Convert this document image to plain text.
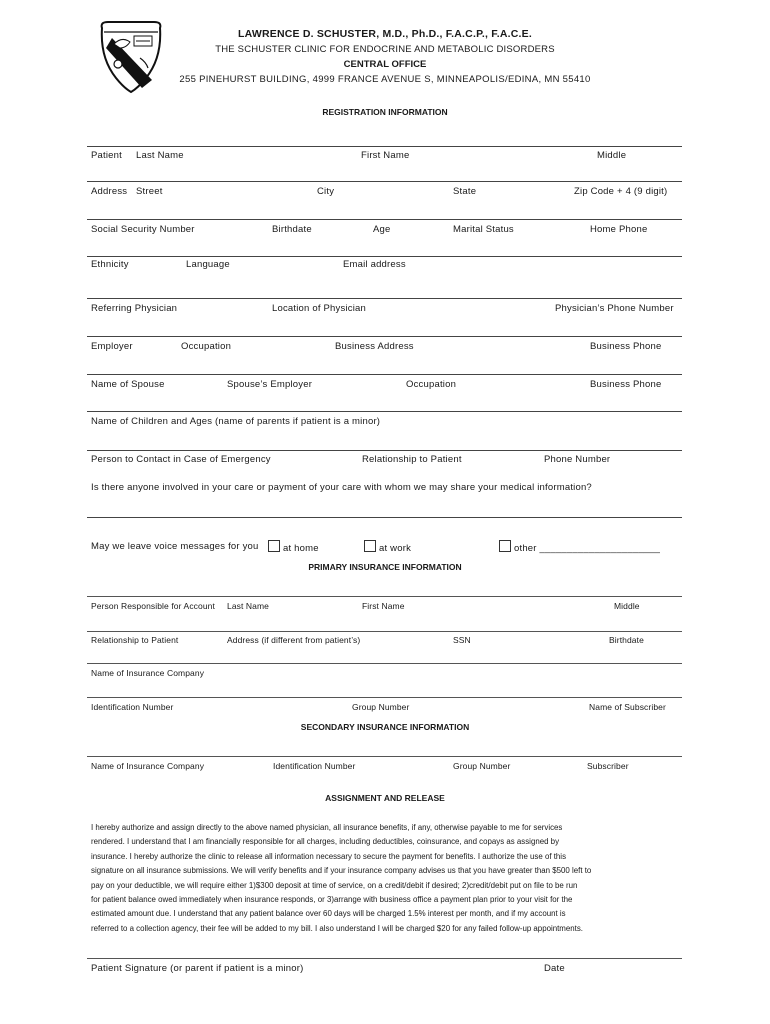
LAWRENCE D. SCHUSTER, M.D., Ph.D., F.A.C.P., F.A.C.E.
THE SCHUSTER CLINIC FOR ENDOCRINE AND METABOLIC DISORDERS
CENTRAL OFFICE
255 PINEHURST BUILDING, 4999 FRANCE AVENUE S, MINNEAPOLIS/EDINA, MN 55410
REGISTRATION INFORMATION
Patient Last Name	First Name	Middle
Address Street	City	State	Zip Code + 4 (9 digit)
Social Security Number	Birthdate	Age	Marital Status	Home Phone
Ethnicity	Language	Email address
Referring Physician	Location of Physician	Physician’s Phone Number
Employer	Occupation	Business Address	Business Phone
Name of Spouse	Spouse’s Employer	Occupation	Business Phone
Name of Children and Ages (name of parents if patient is a minor)
Person to Contact in Case of Emergency	Relationship to Patient	Phone Number
Is there anyone involved in your care or payment of your care with whom we may share your medical information?
May we leave voice messages for you	at home	at work	other ______________________
PRIMARY INSURANCE INFORMATION
Person Responsible for Account Last Name	First Name	Middle
Relationship to Patient	Address (if different from patient’s)	SSN	Birthdate
Name of Insurance Company
Identification Number	Group Number	Name of Subscriber
SECONDARY INSURANCE INFORMATION
Name of Insurance Company	Identification Number	Group Number	Subscriber
ASSIGNMENT AND RELEASE
I hereby authorize and assign directly to the above named physician, all insurance benefits, if any, otherwise payable to me for services
rendered. I understand that I am financially responsible for all charges, including deductibles, coinsurance, and copays as assigned by
insurance. I hereby authorize the clinic to release all information necessary to secure the payment for benefits. I authorize the use of this
signature on all insurance submissions. We will verify benefits and if your insurance company advises us that you have greater than $500 left to
pay on your deductible, we will require either 1)$300 deposit at time of service, on a credit/debit if desired; 2)credit/debit put on file to be run
for patient balance owed immediately when insurance responds, or 3)arrange with business office a payment plan prior to your visit for the
estimated amount due. I understand that any patient balance over 60 days will be charged 1.5% interest per month, and if my account is
referred to a collection agency, their fee will be added to my bill. I also understand I will be charged $20 for any failed follow-up appointments.
Patient Signature (or parent if patient is a minor)	Date
